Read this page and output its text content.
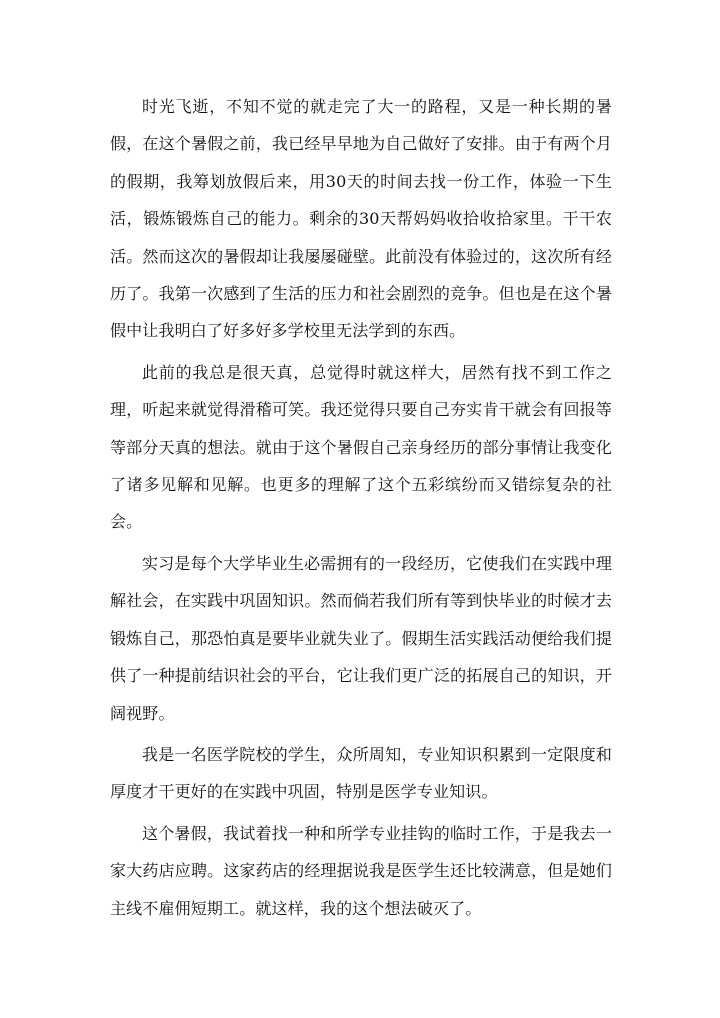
时光飞逝，不知不觉的就走完了大一的路程，又是一种长期的暑假，在这个暑假之前，我已经早早地为自己做好了安排。由于有两个月的假期，我筹划放假后来，用30天的时间去找一份工作，体验一下生活，锻炼锻炼自己的能力。剩余的30天帮妈妈收拾收拾家里。干干农活。然而这次的暑假却让我屡屡碰壁。此前没有体验过的，这次所有经历了。我第一次感到了生活的压力和社会剧烈的竞争。但也是在这个暑假中让我明白了好多好多学校里无法学到的东西。

此前的我总是很天真，总觉得时就这样大，居然有找不到工作之理，听起来就觉得滑稽可笑。我还觉得只要自己夯实肯干就会有回报等等部分天真的想法。就由于这个暑假自己亲身经历的部分事情让我变化了诸多见解和见解。也更多的理解了这个五彩缤纷而又错综复杂的社会。

实习是每个大学毕业生必需拥有的一段经历，它使我们在实践中理解社会，在实践中巩固知识。然而倘若我们所有等到快毕业的时候才去锻炼自己，那恐怕真是要毕业就失业了。假期生活实践活动便给我们提供了一种提前结识社会的平台，它让我们更广泛的拓展自己的知识，开阔视野。

我是一名医学院校的学生，众所周知，专业知识积累到一定限度和厚度才干更好的在实践中巩固，特别是医学专业知识。

这个暑假，我试着找一种和所学专业挂钩的临时工作，于是我去一家大药店应聘。这家药店的经理据说我是医学生还比较满意，但是她们主线不雇佣短期工。就这样，我的这个想法破灭了。
